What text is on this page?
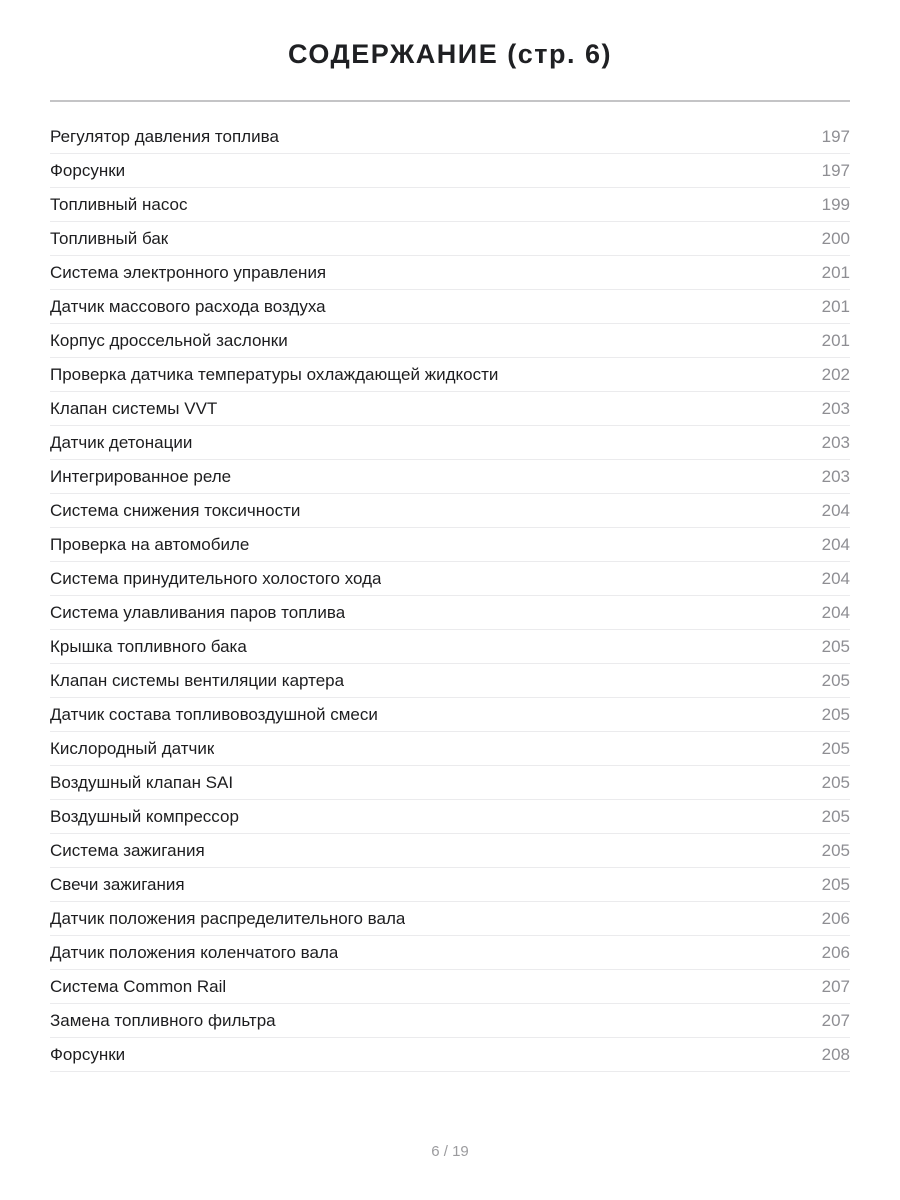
СОДЕРЖАНИЕ (стр. 6)
Регулятор давления топлива	197
Форсунки	197
Топливный насос	199
Топливный бак	200
Система электронного управления	201
Датчик массового расхода воздуха	201
Корпус дроссельной заслонки	201
Проверка датчика температуры охлаждающей жидкости	202
Клапан системы VVT	203
Датчик детонации	203
Интегрированное реле	203
Система снижения токсичности	204
Проверка на автомобиле	204
Система принудительного холостого хода	204
Система улавливания паров топлива	204
Крышка топливного бака	205
Клапан системы вентиляции картера	205
Датчик состава топливовоздушной смеси	205
Кислородный датчик	205
Воздушный клапан SAI	205
Воздушный компрессор	205
Система зажигания	205
Свечи зажигания	205
Датчик положения распределительного вала	206
Датчик положения коленчатого вала	206
Система Common Rail	207
Замена топливного фильтра	207
Форсунки	208
6 / 19
